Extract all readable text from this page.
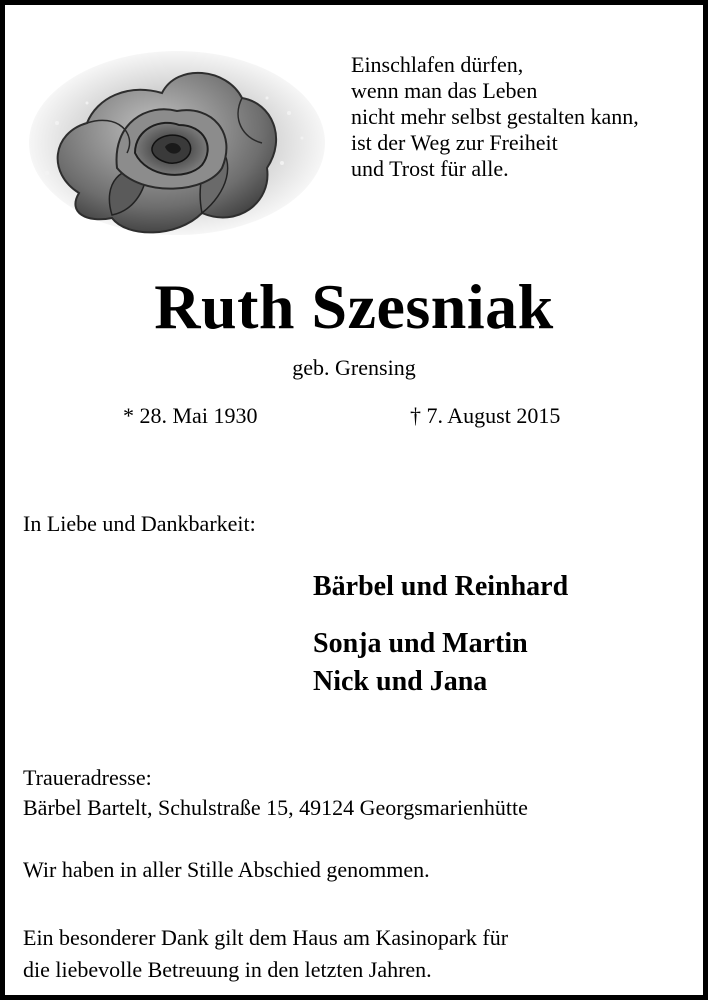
Einschlafen dürfen,
wenn man das Leben
nicht mehr selbst gestalten kann,
ist der Weg zur Freiheit
und Trost für alle.
Ruth Szesniak
geb. Grensing
* 28. Mai 1930	† 7. August 2015
In Liebe und Dankbarkeit:
Bärbel und Reinhard
Sonja und Martin
Nick und Jana
Traueradresse:
Bärbel Bartelt, Schulstraße 15, 49124 Georgsmarienhütte
Wir haben in aller Stille Abschied genommen.
Ein besonderer Dank gilt dem Haus am Kasinopark für
die liebevolle Betreuung in den letzten Jahren.
